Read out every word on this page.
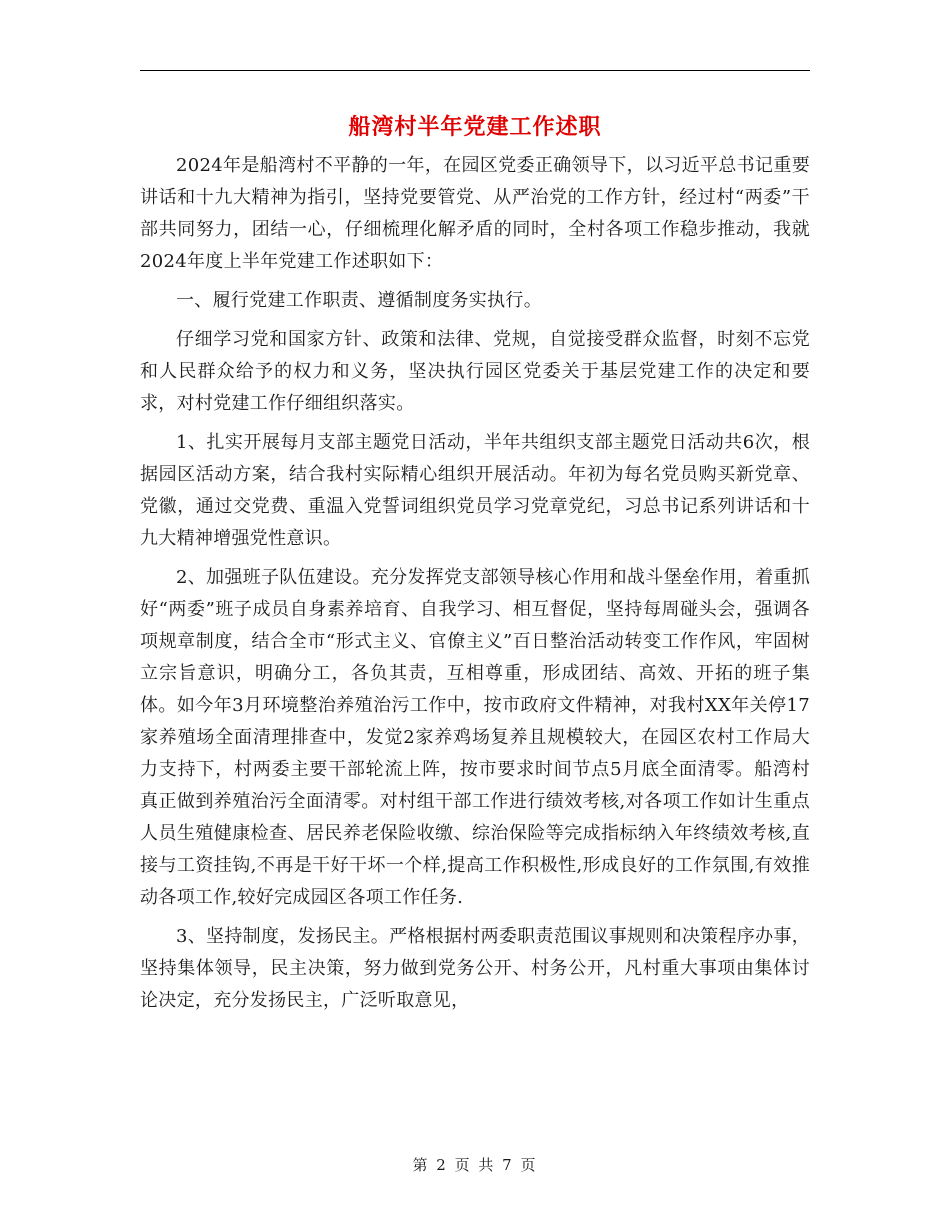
船湾村半年党建工作述职

2024年是船湾村不平静的一年，在园区党委正确领导下，以习近平总书记重要讲话和十九大精神为指引，坚持党要管党、从严治党的工作方针，经过村“两委”干部共同努力，团结一心，仔细梳理化解矛盾的同时，全村各项工作稳步推动，我就2024年度上半年党建工作述职如下：

一、履行党建工作职责、遵循制度务实执行。

仔细学习党和国家方针、政策和法律、党规，自觉接受群众监督，时刻不忘党和人民群众给予的权力和义务，坚决执行园区党委关于基层党建工作的决定和要求，对村党建工作仔细组织落实。

1、扎实开展每月支部主题党日活动，半年共组织支部主题党日活动共6次，根据园区活动方案，结合我村实际精心组织开展活动。年初为每名党员购买新党章、党徽，通过交党费、重温入党誓词组织党员学习党章党纪，习总书记系列讲话和十九大精神增强党性意识。

2、加强班子队伍建设。充分发挥党支部领导核心作用和战斗堡垒作用，着重抓好“两委”班子成员自身素养培育、自我学习、相互督促，坚持每周碰头会，强调各项规章制度，结合全市“形式主义、官僚主义”百日整治活动转变工作作风，牢固树立宗旨意识，明确分工，各负其责，互相尊重，形成团结、高效、开拓的班子集体。如今年3月环境整治养殖治污工作中，按市政府文件精神，对我村XX年关停17家养殖场全面清理排查中，发觉2家养鸡场复养且规模较大，在园区农村工作局大力支持下，村两委主要干部轮流上阵，按市要求时间节点5月底全面清零。船湾村真正做到养殖治污全面清零。对村组干部工作进行绩效考核,对各项工作如计生重点人员生殖健康检查、居民养老保险收缴、综治保险等完成指标纳入年终绩效考核,直接与工资挂钩,不再是干好干坏一个样,提高工作积极性,形成良好的工作氛围,有效推动各项工作,较好完成园区各项工作任务.

3、坚持制度，发扬民主。严格根据村两委职责范围议事规则和决策程序办事，坚持集体领导，民主决策，努力做到党务公开、村务公开，凡村重大事项由集体讨论决定，充分发扬民主，广泛听取意见，

第 2 页 共 7 页
